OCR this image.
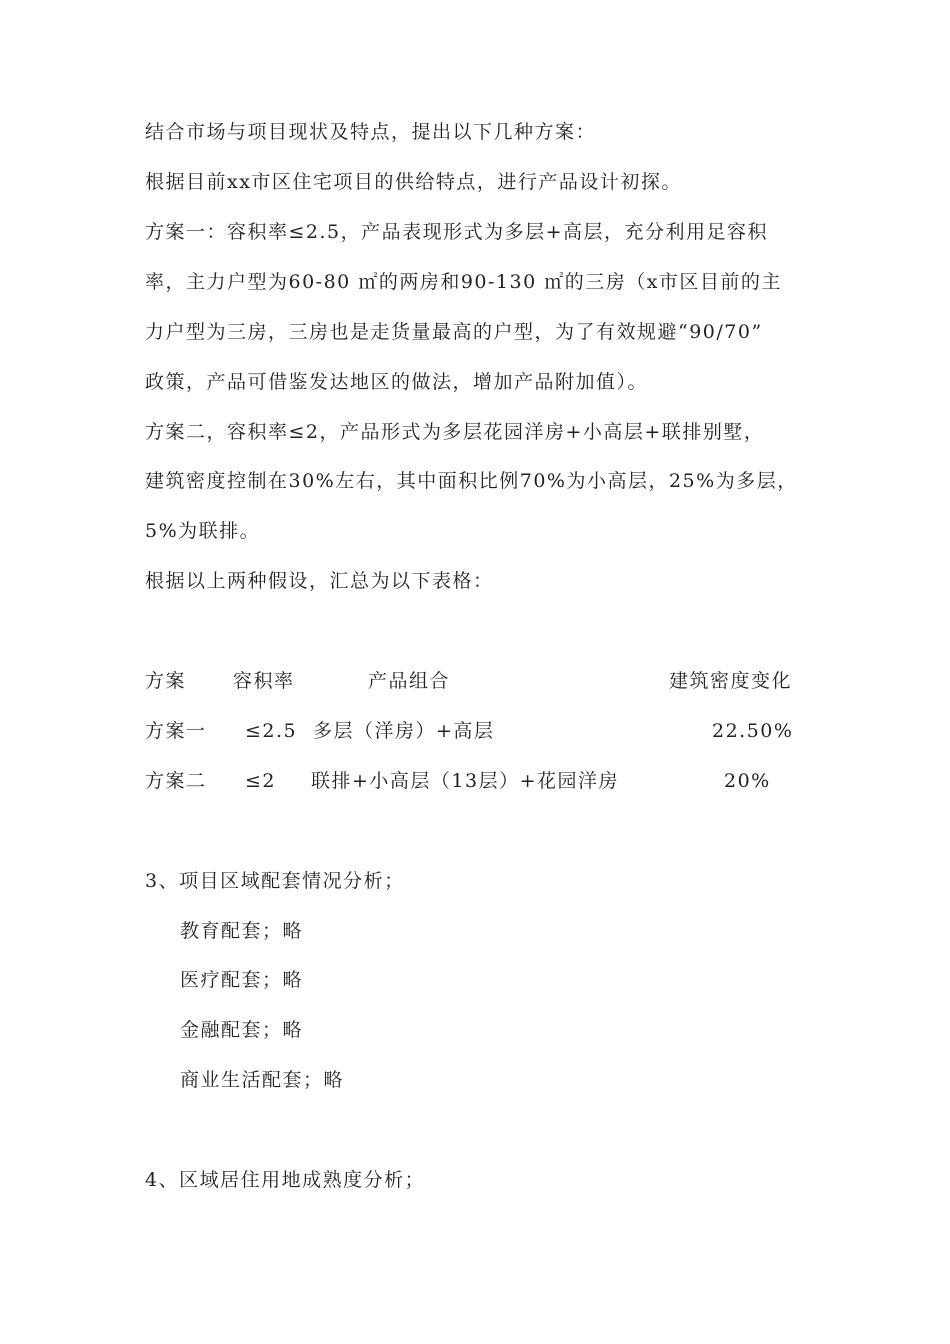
结合市场与项目现状及特点，提出以下几种方案：
根据目前xx市区住宅项目的供给特点，进行产品设计初探。
方案一：容积率≤2.5，产品表现形式为多层+高层，充分利用足容积
率，主力户型为60-80 ㎡的两房和90-130 ㎡的三房（x市区目前的主
力户型为三房，三房也是走货量最高的户型，为了有效规避“90/70”
政策，产品可借鉴发达地区的做法，增加产品附加值）。
方案二，容积率≤2，产品形式为多层花园洋房+小高层+联排别墅，
建筑密度控制在30%左右，其中面积比例70%为小高层，25%为多层，
5%为联排。
根据以上两种假设，汇总为以下表格：
方案 容积率	产品组合	建筑密度变化
方案一 ≤2.5 多层（洋房）+高层	22.50%
方案二 ≤2 联排+小高层（13层）+花园洋房	20%
3、项目区域配套情况分析；
教育配套；略
医疗配套；略
金融配套；略
商业生活配套；略
4、区域居住用地成熟度分析；
